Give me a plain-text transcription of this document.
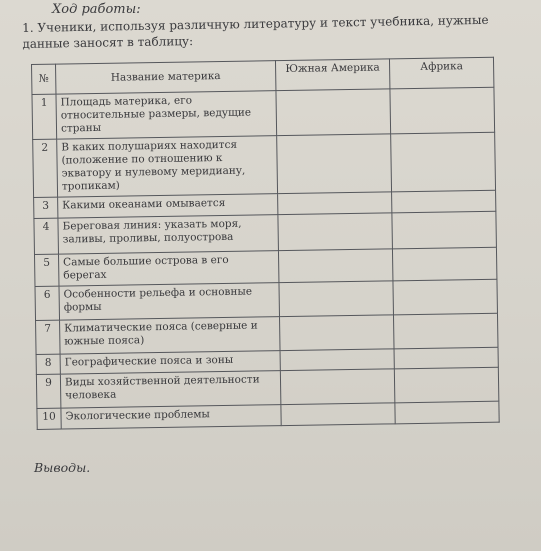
Ход работы:
1. Ученики, используя различную литературу и текст учебника, нужные данные заносят в таблицу:
№	Название материка	Южная Америка	Африка
1	Площадь материка, его относительные размеры, ведущие страны		
2	В каких полушариях находится (положение по отношению к экватору и нулевому меридиану, тропикам)		
3	Какими океанами омывается		
4	Береговая линия: указать моря, заливы, проливы, полуострова		
5	Самые большие острова в его берегах		
6	Особенности рельефа и основные формы		
7	Климатические пояса (северные и южные пояса)		
8	Географические пояса и зоны		
9	Виды хозяйственной деятельности человека		
10	Экологические проблемы		
Выводы.
